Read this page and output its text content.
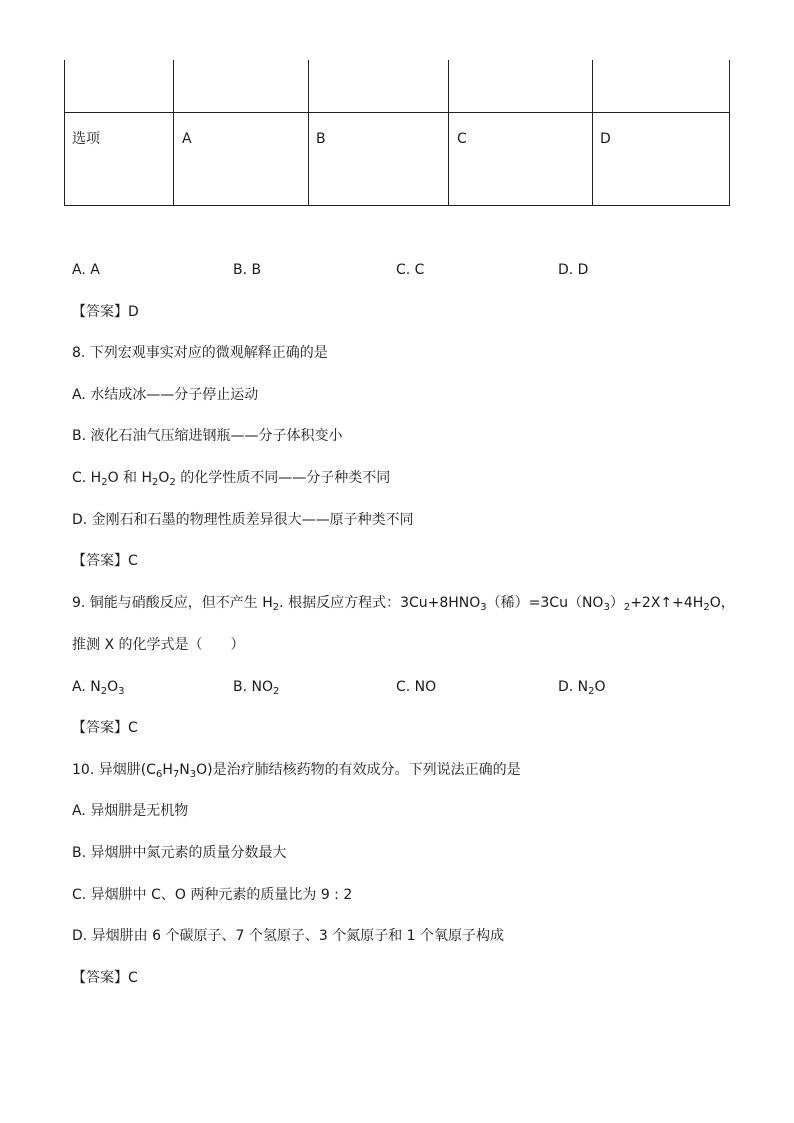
选项	A	B	C	D
A. A	B. B	C. C	D. D
【答案】D
8. 下列宏观事实对应的微观解释正确的是
A. 水结成冰——分子停止运动
B. 液化石油气压缩进钢瓶——分子体积变小
C. $H_2O$ 和 $H_2O_2$ 的化学性质不同——分子种类不同
D. 金刚石和石墨的物理性质差异很大——原子种类不同
【答案】C
9. 铜能与硝酸反应，但不产生 $H_2$. 根据反应方程式：$3Cu+8HNO_3$（稀）$=3Cu(NO_3)_2+2X↑+4H_2O$，
推测 X 的化学式是（　　）
A. $N_2O_3$	B. $NO_2$	C. NO	D. $N_2O$
【答案】C
10. 异烟肼$(C_6H_7N_3O)$是治疗肺结核药物的有效成分。下列说法正确的是
A. 异烟肼是无机物
B. 异烟肼中氮元素的质量分数最大
C. 异烟肼中 C、O 两种元素的质量比为 9 : 2
D. 异烟肼由 6 个碳原子、7 个氢原子、3 个氮原子和 1 个氧原子构成
【答案】C
